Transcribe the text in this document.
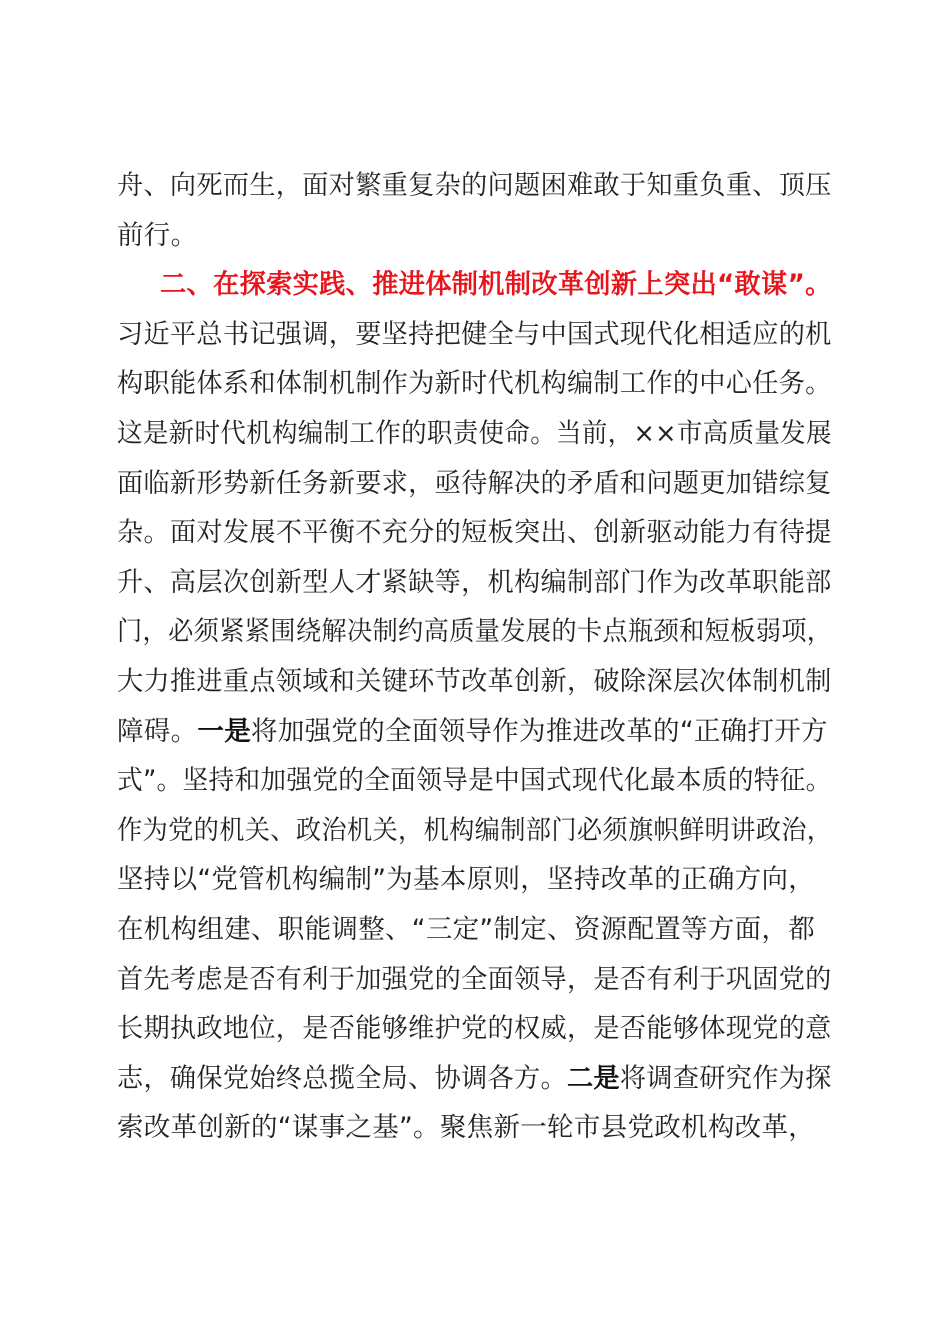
舟、向死而生，面对繁重复杂的问题困难敢于知重负重、顶压
前行。
二、在探索实践、推进体制机制改革创新上突出“敢谋”。
习近平总书记强调，要坚持把健全与中国式现代化相适应的机
构职能体系和体制机制作为新时代机构编制工作的中心任务。
这是新时代机构编制工作的职责使命。当前，××市高质量发展
面临新形势新任务新要求，亟待解决的矛盾和问题更加错综复
杂。面对发展不平衡不充分的短板突出、创新驱动能力有待提
升、高层次创新型人才紧缺等，机构编制部门作为改革职能部
门，必须紧紧围绕解决制约高质量发展的卡点瓶颈和短板弱项，
大力推进重点领域和关键环节改革创新，破除深层次体制机制
障碍。一是将加强党的全面领导作为推进改革的“正确打开方
式”。坚持和加强党的全面领导是中国式现代化最本质的特征。
作为党的机关、政治机关，机构编制部门必须旗帜鲜明讲政治，
坚持以“党管机构编制”为基本原则，坚持改革的正确方向，
在机构组建、职能调整、“三定”制定、资源配置等方面，都
首先考虑是否有利于加强党的全面领导，是否有利于巩固党的
长期执政地位，是否能够维护党的权威，是否能够体现党的意
志，确保党始终总揽全局、协调各方。二是将调查研究作为探
索改革创新的“谋事之基”。聚焦新一轮市县党政机构改革，
